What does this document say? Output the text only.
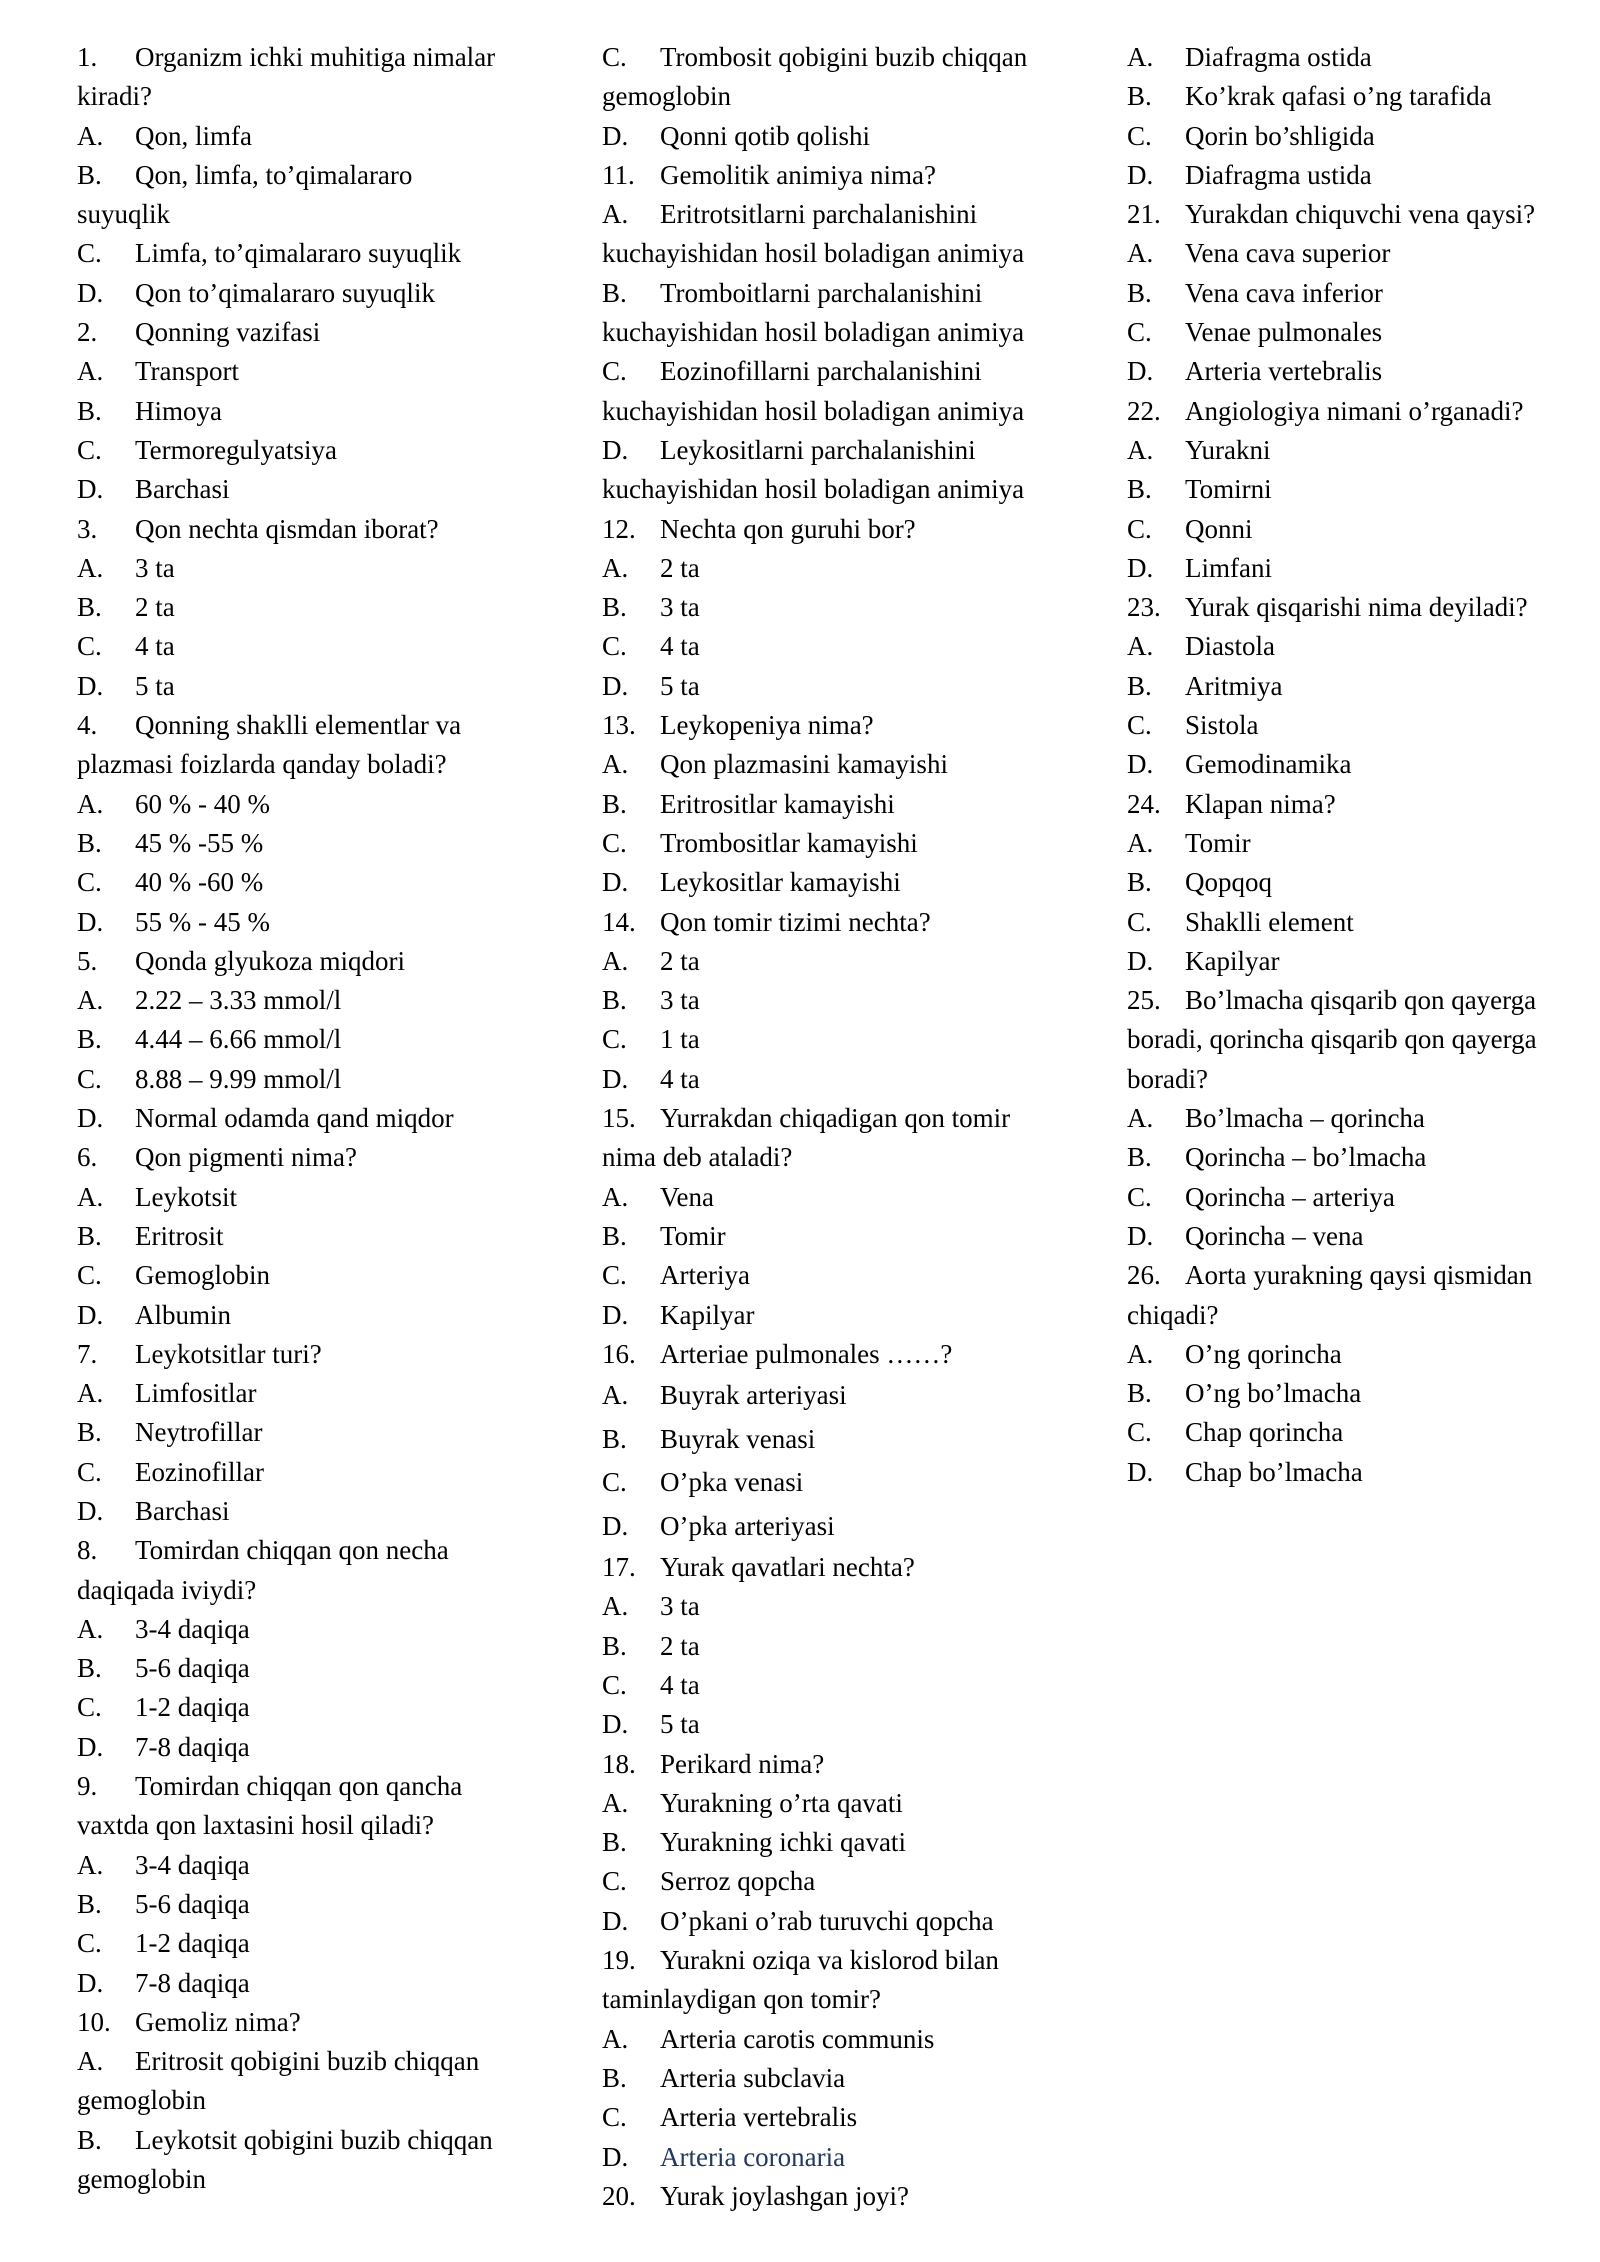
1. Organizm ichki muhitiga nimalar
kiradi?
A. Qon, limfa
B. Qon, limfa, to’qimalararo
suyuqlik
C. Limfa, to’qimalararo suyuqlik
D. Qon to’qimalararo suyuqlik
2. Qonning vazifasi
A. Transport
B. Himoya
C. Termoregulyatsiya
D. Barchasi
3. Qon nechta qismdan iborat?
A. 3 ta
B. 2 ta
C. 4 ta
D. 5 ta
4. Qonning shaklli elementlar va
plazmasi foizlarda qanday boladi?
A. 60 % - 40 %
B. 45 % -55 %
C. 40 % -60 %
D. 55 % - 45 %
5. Qonda glyukoza miqdori
A. 2.22 – 3.33 mmol/l
B. 4.44 – 6.66 mmol/l
C. 8.88 – 9.99 mmol/l
D. Normal odamda qand miqdor
6. Qon pigmenti nima?
A. Leykotsit
B. Eritrosit
C. Gemoglobin
D. Albumin
7. Leykotsitlar turi?
A. Limfositlar
B. Neytrofillar
C. Eozinofillar
D. Barchasi
8. Tomirdan chiqqan qon necha
daqiqada iviydi?
A. 3-4 daqiqa
B. 5-6 daqiqa
C. 1-2 daqiqa
D. 7-8 daqiqa
9. Tomirdan chiqqan qon qancha
vaxtda qon laxtasini hosil qiladi?
A. 3-4 daqiqa
B. 5-6 daqiqa
C. 1-2 daqiqa
D. 7-8 daqiqa
10. Gemoliz nima?
A. Eritrosit qobigini buzib chiqqan
gemoglobin
B. Leykotsit qobigini buzib chiqqan
gemoglobin
C. Trombosit qobigini buzib chiqqan
gemoglobin
D. Qonni qotib qolishi
11. Gemolitik animiya nima?
A. Eritrotsitlarni parchalanishini
kuchayishidan hosil boladigan animiya
B. Tromboitlarni parchalanishini
kuchayishidan hosil boladigan animiya
C. Eozinofillarni parchalanishini
kuchayishidan hosil boladigan animiya
D. Leykositlarni parchalanishini
kuchayishidan hosil boladigan animiya
12. Nechta qon guruhi bor?
A. 2 ta
B. 3 ta
C. 4 ta
D. 5 ta
13. Leykopeniya nima?
A. Qon plazmasini kamayishi
B. Eritrositlar kamayishi
C. Trombositlar kamayishi
D. Leykositlar kamayishi
14. Qon tomir tizimi nechta?
A. 2 ta
B. 3 ta
C. 1 ta
D. 4 ta
15. Yurrakdan chiqadigan qon tomir
nima deb ataladi?
A. Vena
B. Tomir
C. Arteriya
D. Kapilyar
16. Arteriae pulmonales ……?
A. Buyrak arteriyasi
B. Buyrak venasi
C. O’pka venasi
D. O’pka arteriyasi
17. Yurak qavatlari nechta?
A. 3 ta
B. 2 ta
C. 4 ta
D. 5 ta
18. Perikard nima?
A. Yurakning o’rta qavati
B. Yurakning ichki qavati
C. Serroz qopcha
D. O’pkani o’rab turuvchi qopcha
19. Yurakni oziqa va kislorod bilan
taminlaydigan qon tomir?
A. Arteria carotis communis
B. Arteria subclavia
C. Arteria vertebralis
D. Arteria coronaria
20. Yurak joylashgan joyi?
A. Diafragma ostida
B. Ko’krak qafasi o’ng tarafida
C. Qorin bo’shligida
D. Diafragma ustida
21. Yurakdan chiquvchi vena qaysi?
A. Vena cava superior
B. Vena cava inferior
C. Venae pulmonales
D. Arteria vertebralis
22. Angiologiya nimani o’rganadi?
A. Yurakni
B. Tomirni
C. Qonni
D. Limfani
23. Yurak qisqarishi nima deyiladi?
A. Diastola
B. Aritmiya
C. Sistola
D. Gemodinamika
24. Klapan nima?
A. Tomir
B. Qopqoq
C. Shaklli element
D. Kapilyar
25. Bo’lmacha qisqarib qon qayerga
boradi, qorincha qisqarib qon qayerga
boradi?
A. Bo’lmacha – qorincha
B. Qorincha – bo’lmacha
C. Qorincha – arteriya
D. Qorincha – vena
26. Aorta yurakning qaysi qismidan
chiqadi?
A. O’ng qorincha
B. O’ng bo’lmacha
C. Chap qorincha
D. Chap bo’lmacha
